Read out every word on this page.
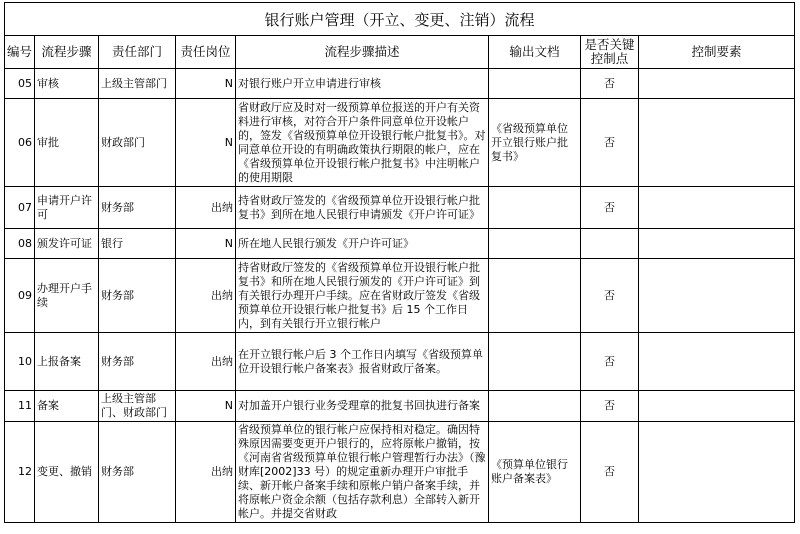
银行账户管理（开立、变更、注销）流程							
编号	流程步骤	责任部门	责任岗位	流程步骤描述	输出文档	是否关键控制点	控制要素
05	审核	上级主管部门	N	对银行账户开立申请进行审核		否	
06	审批	财政部门	N	省财政厅应及时对一级预算单位报送的开户有关资料进行审核，对符合开户条件同意单位开设帐户的，签发《省级预算单位开设银行帐户批复书》。对同意单位开设的有明确政策执行期限的帐户，应在《省级预算单位开设银行帐户批复书》中注明帐户的使用期限	《省级预算单位开立银行账户批复书》	否	
07	申请开户许可	财务部	出纳	持省财政厅签发的《省级预算单位开设银行帐户批复书》到所在地人民银行申请颁发《开户许可证》		否	
08	颁发许可证	银行	N	所在地人民银行颁发《开户许可证》			
09	办理开户手续	财务部	出纳	持省财政厅签发的《省级预算单位开设银行帐户批复书》和所在地人民银行颁发的《开户许可证》到有关银行办理开户手续。应在省财政厅签发《省级预算单位开设银行帐户批复书》后 15 个工作日内，到有关银行开立银行帐户		否	
10	上报备案	财务部	出纳	在开立银行帐户后 3 个工作日内填写《省级预算单位开设银行帐户备案表》报省财政厅备案。		否	
11	备案	上级主管部门、财政部门	N	对加盖开户银行业务受理章的批复书回执进行备案		否	
12	变更、撤销	财务部	出纳	省级预算单位的银行帐户应保持相对稳定。确因特殊原因需要变更开户银行的，应将原帐户撤销，按《河南省省级预算单位银行帐户管理暂行办法》（豫财库[2002]33 号）的规定重新办理开户审批手续、新开帐户备案手续和原帐户销户备案手续，并将原帐户资金余额（包括存款利息）全部转入新开帐户。并提交省财政	《预算单位银行账户备案表》	否	
